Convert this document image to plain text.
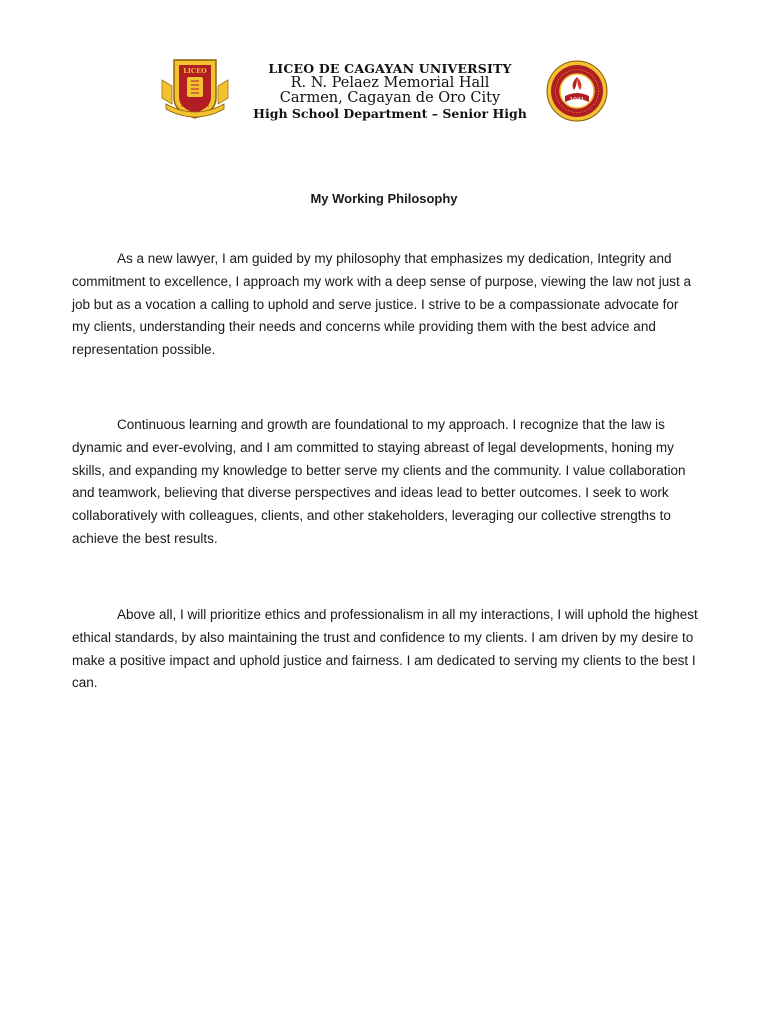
LICEO	LICEO DE CAGAYAN UNIVERSITY
R. N. Pelaez Memorial Hall
Carmen, Cagayan de Oro City
High School Department – Senior High
1981
My Working Philosophy

As a new lawyer, I am guided by my philosophy that emphasizes my dedication, Integrity and commitment to excellence, I approach my work with a deep sense of purpose, viewing the law not just a job but as a vocation a calling to uphold and serve justice. I strive to be a compassionate advocate for my clients, understanding their needs and concerns while providing them with the best advice and representation possible.

Continuous learning and growth are foundational to my approach. I recognize that the law is dynamic and ever-evolving, and I am committed to staying abreast of legal developments, honing my skills, and expanding my knowledge to better serve my clients and the community. I value collaboration and teamwork, believing that diverse perspectives and ideas lead to better outcomes. I seek to work collaboratively with colleagues, clients, and other stakeholders, leveraging our collective strengths to achieve the best results.

Above all, I will prioritize ethics and professionalism in all my interactions, I will uphold the highest ethical standards, by also maintaining the trust and confidence to my clients. I am driven by my desire to make a positive impact and uphold justice and fairness. I am dedicated to serving my clients to the best I can.
